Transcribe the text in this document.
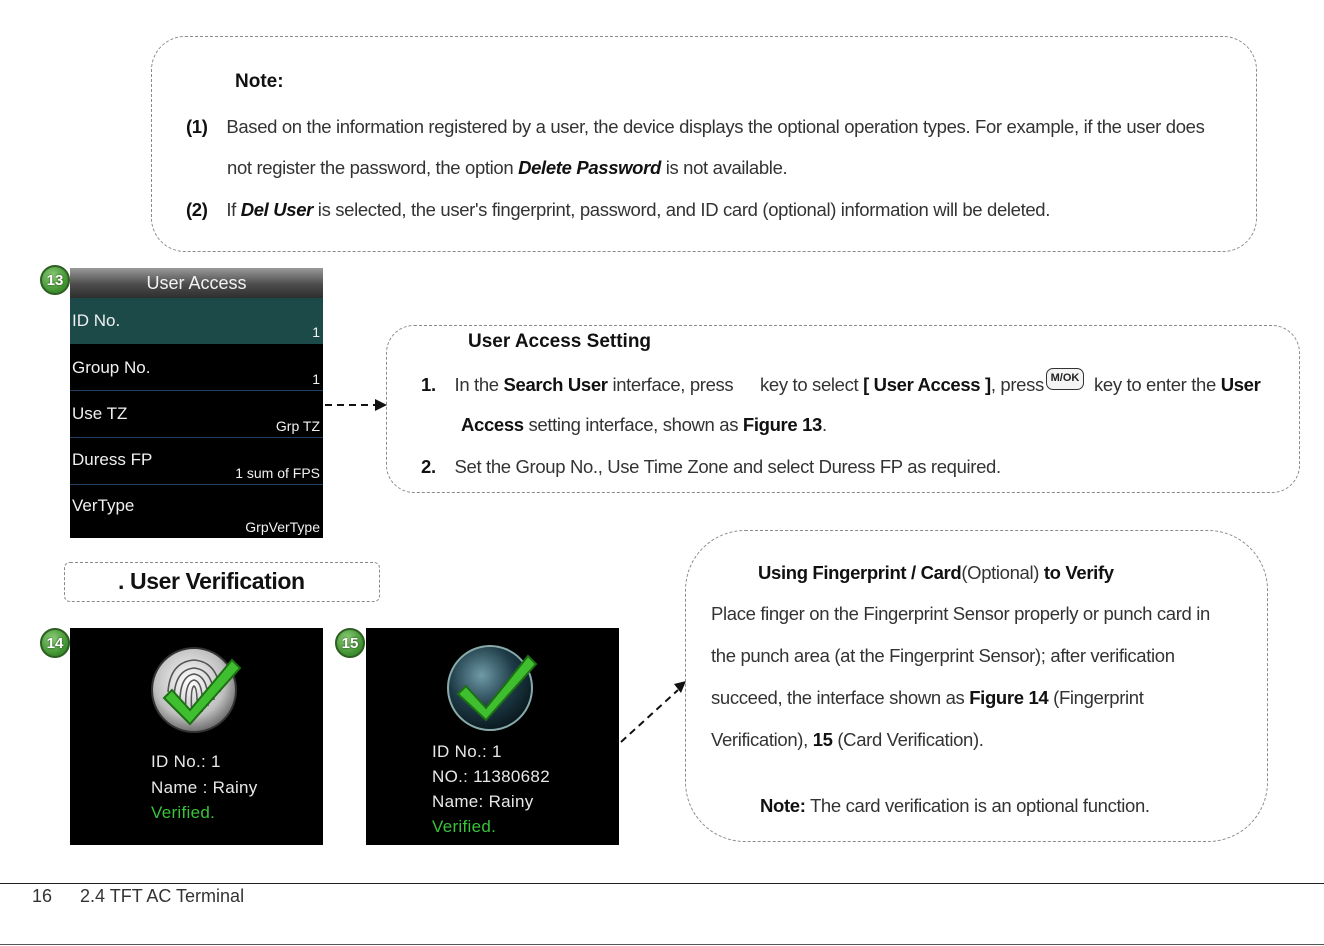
Note:
(1) Based on the information registered by a user, the device displays the optional operation types. For example, if the user does
not register the password, the option Delete Password is not available.
(2) If Del User is selected, the user's fingerprint, password, and ID card (optional) information will be deleted.
13	User Access
ID No.
1
Group No.
1
Use TZ
Grp TZ
Duress FP
1 sum of FPS
VerType
GrpVerType
User Access Setting
1. In the Search User interface, press key to select [ User Access ], press M/OK key to enter the User
Access setting interface, shown as Figure 13.
2. Set the Group No., Use Time Zone and select Duress FP as required.
. User Verification
14
ID No.: 1
Name : Rainy
Verified.
15
ID No.: 1
NO.: 11380682
Name: Rainy
Verified.
Using Fingerprint / Card(Optional) to Verify
Place finger on the Fingerprint Sensor properly or punch card in
the punch area (at the Fingerprint Sensor); after verification
succeed, the interface shown as Figure 14 (Fingerprint
Verification), 15 (Card Verification).
Note: The card verification is an optional function.
16 2.4 TFT AC Terminal
